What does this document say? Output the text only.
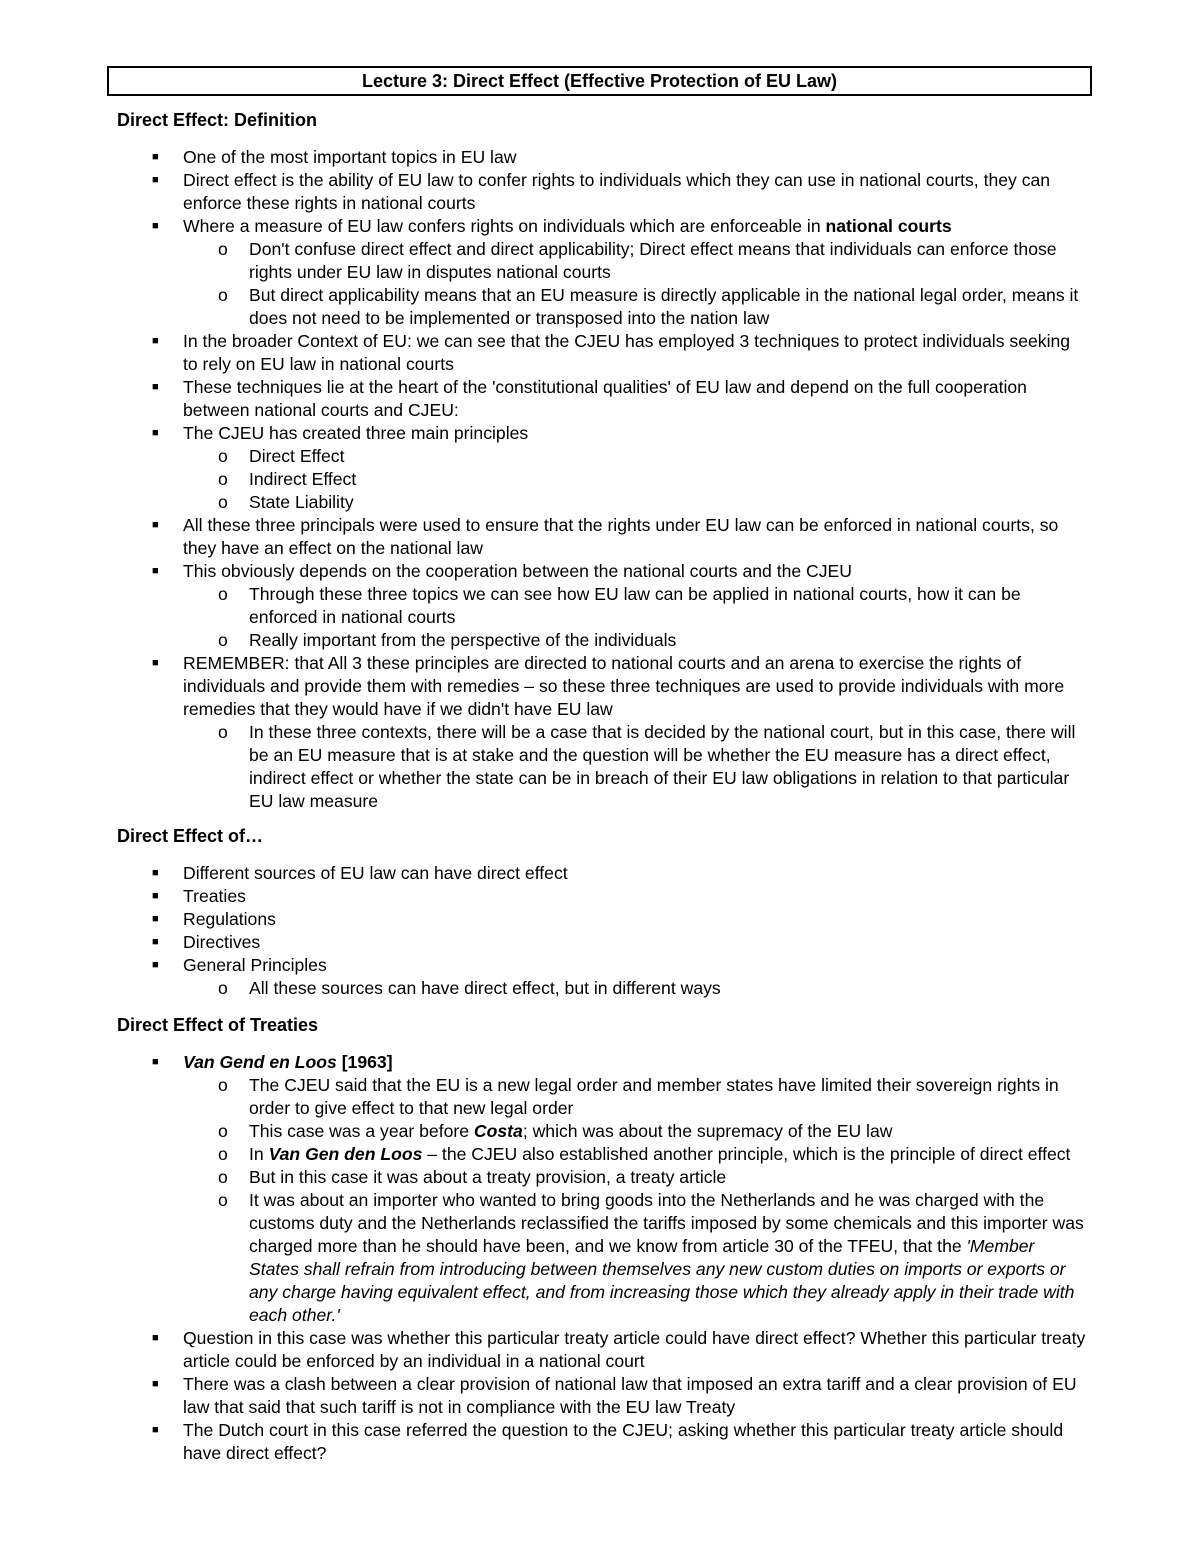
Lecture 3: Direct Effect (Effective Protection of EU Law)
Direct Effect: Definition
■ One of the most important topics in EU law
■ Direct effect is the ability of EU law to confer rights to individuals which they can use in national courts, they can enforce these rights in national courts
■ Where a measure of EU law confers rights on individuals which are enforceable in national courts
o Don't confuse direct effect and direct applicability; Direct effect means that individuals can enforce those rights under EU law in disputes national courts
o But direct applicability means that an EU measure is directly applicable in the national legal order, means it does not need to be implemented or transposed into the nation law
■ In the broader Context of EU: we can see that the CJEU has employed 3 techniques to protect individuals seeking to rely on EU law in national courts
■ These techniques lie at the heart of the 'constitutional qualities' of EU law and depend on the full cooperation between national courts and CJEU:
■ The CJEU has created three main principles
o Direct Effect
o Indirect Effect
o State Liability
■ All these three principals were used to ensure that the rights under EU law can be enforced in national courts, so they have an effect on the national law
■ This obviously depends on the cooperation between the national courts and the CJEU
o Through these three topics we can see how EU law can be applied in national courts, how it can be enforced in national courts
o Really important from the perspective of the individuals
■ REMEMBER: that All 3 these principles are directed to national courts and an arena to exercise the rights of individuals and provide them with remedies – so these three techniques are used to provide individuals with more remedies that they would have if we didn't have EU law
o In these three contexts, there will be a case that is decided by the national court, but in this case, there will be an EU measure that is at stake and the question will be whether the EU measure has a direct effect, indirect effect or whether the state can be in breach of their EU law obligations in relation to that particular EU law measure
Direct Effect of…
■ Different sources of EU law can have direct effect
■ Treaties
■ Regulations
■ Directives
■ General Principles
o All these sources can have direct effect, but in different ways
Direct Effect of Treaties
■ Van Gend en Loos [1963]
o The CJEU said that the EU is a new legal order and member states have limited their sovereign rights in order to give effect to that new legal order
o This case was a year before Costa; which was about the supremacy of the EU law
o In Van Gen den Loos – the CJEU also established another principle, which is the principle of direct effect
o But in this case it was about a treaty provision, a treaty article
o It was about an importer who wanted to bring goods into the Netherlands and he was charged with the customs duty and the Netherlands reclassified the tariffs imposed by some chemicals and this importer was charged more than he should have been, and we know from article 30 of the TFEU, that the 'Member States shall refrain from introducing between themselves any new custom duties on imports or exports or any charge having equivalent effect, and from increasing those which they already apply in their trade with each other.'
■ Question in this case was whether this particular treaty article could have direct effect? Whether this particular treaty article could be enforced by an individual in a national court
■ There was a clash between a clear provision of national law that imposed an extra tariff and a clear provision of EU law that said that such tariff is not in compliance with the EU law Treaty
■ The Dutch court in this case referred the question to the CJEU; asking whether this particular treaty article should have direct effect?
